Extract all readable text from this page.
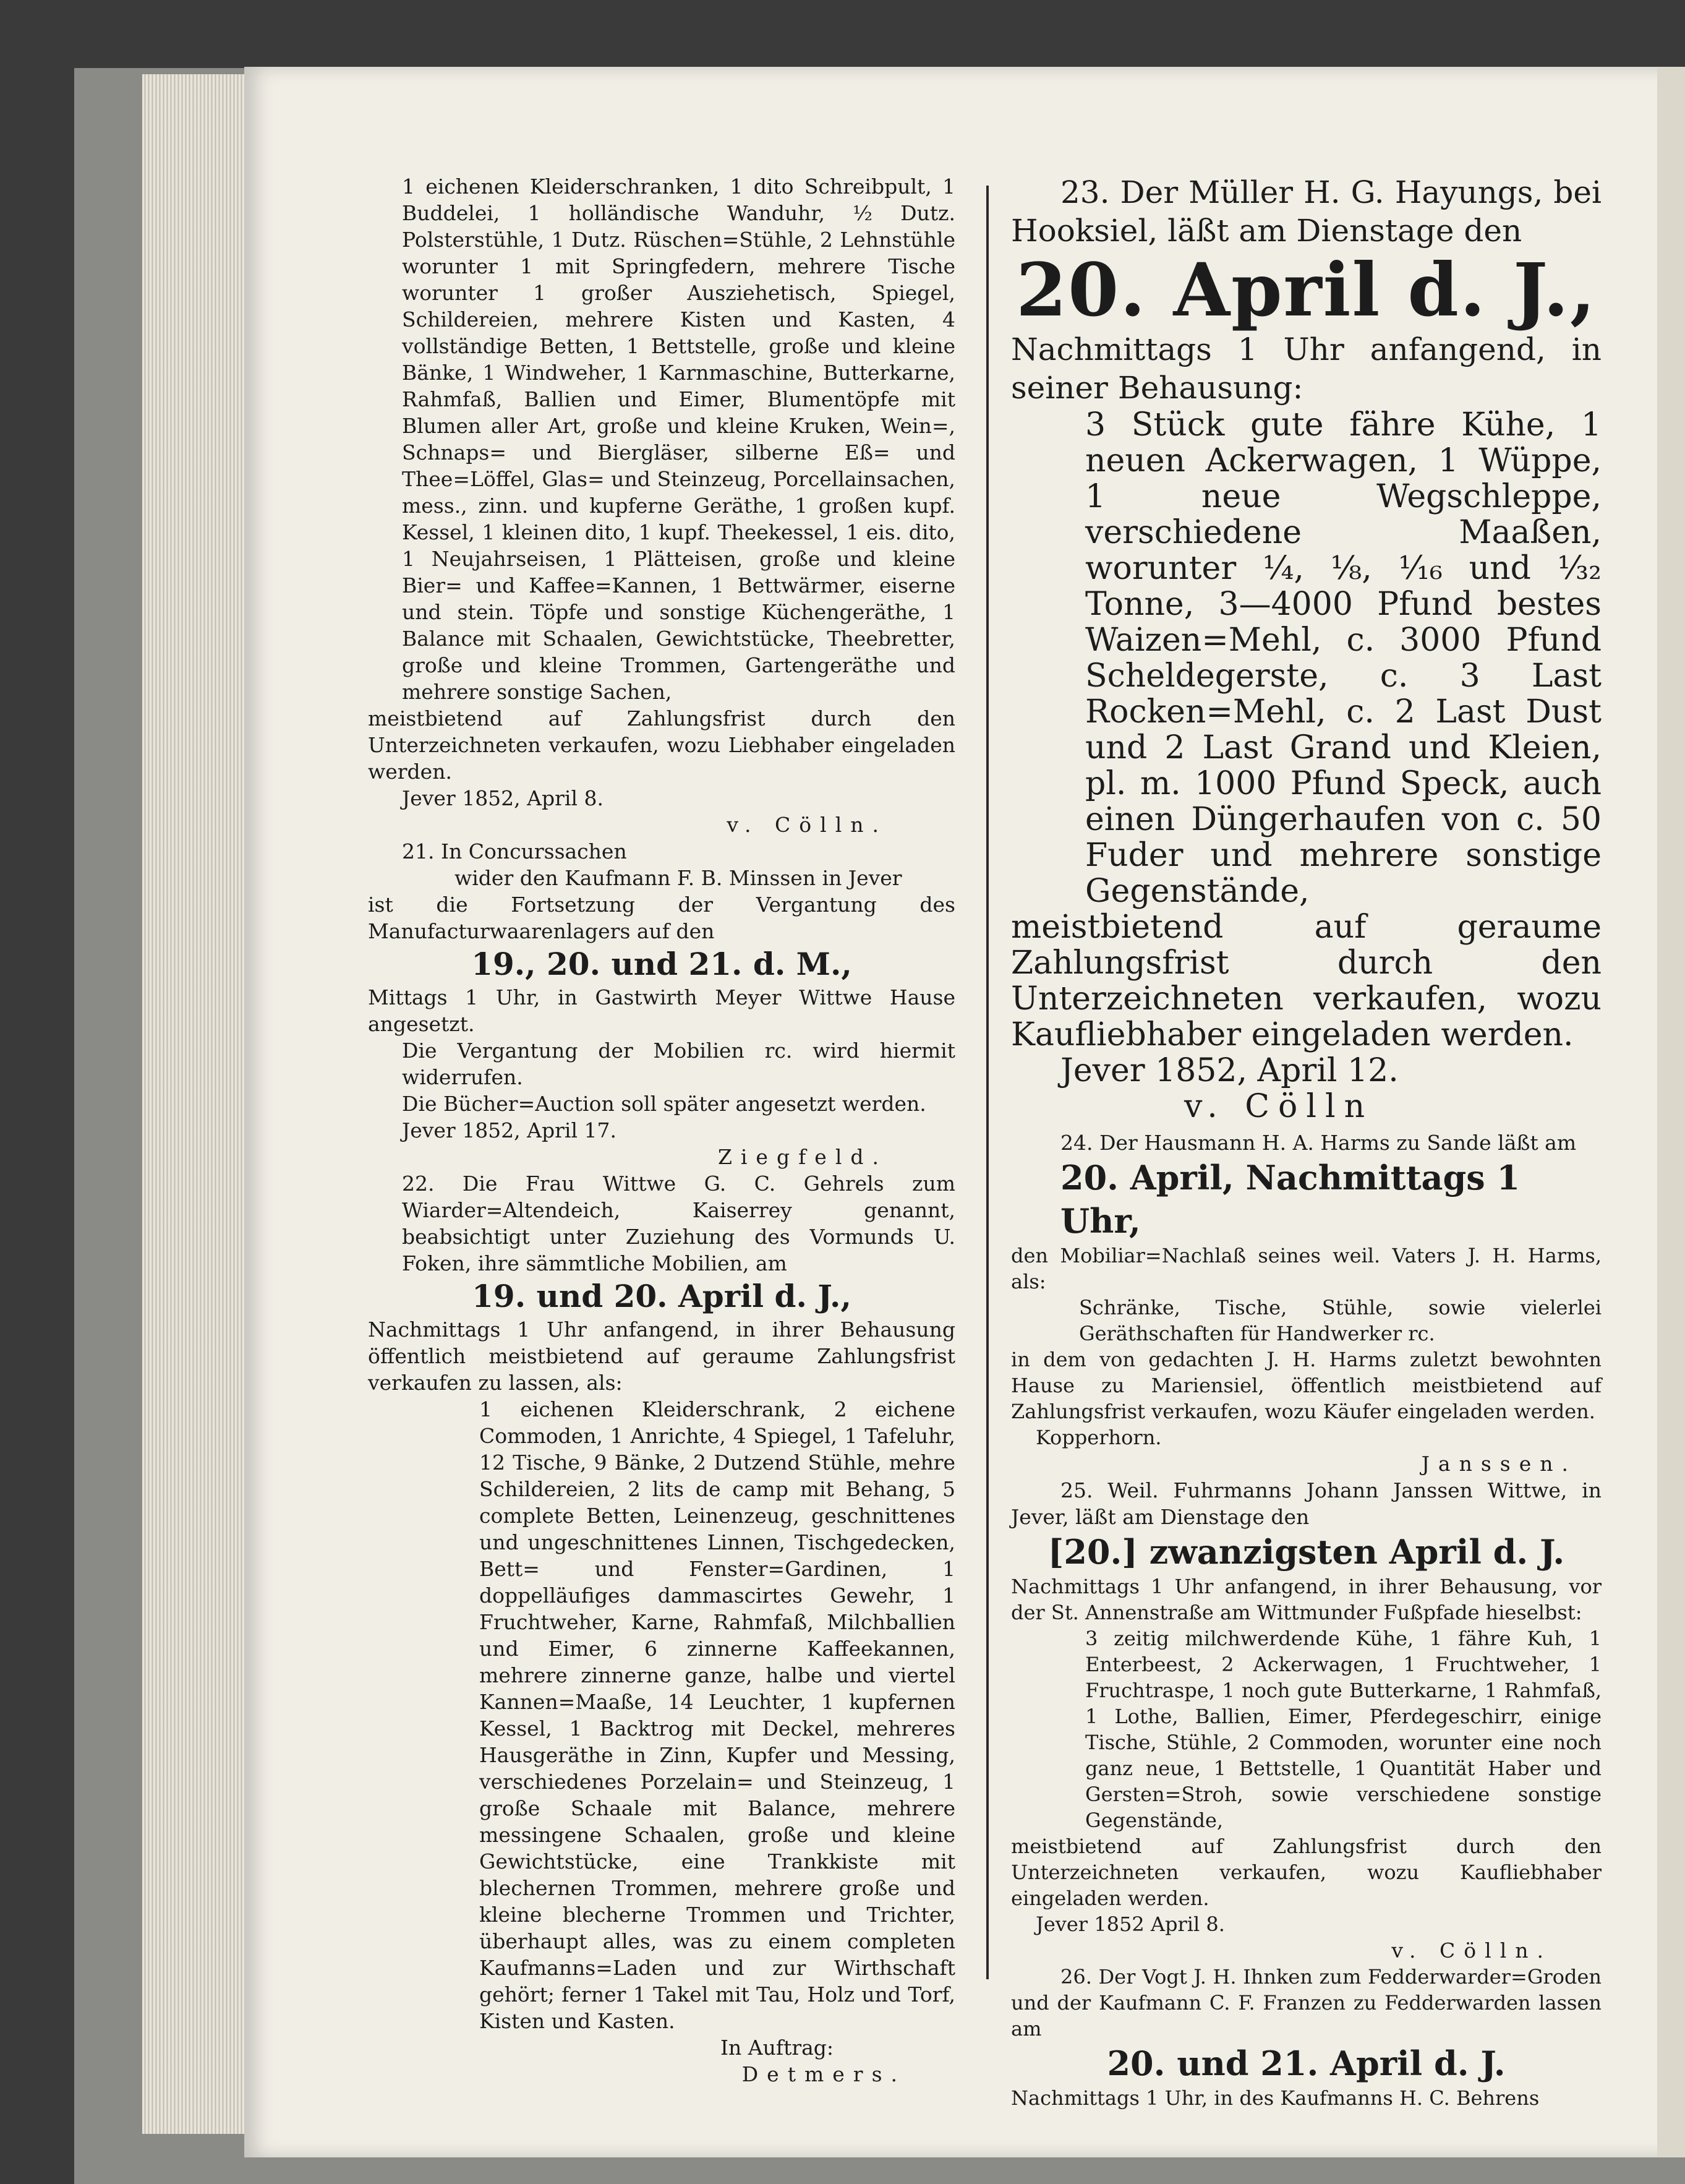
1 eichenen Kleiderschranken, 1 dito Schreibpult, 1 Buddelei, 1 holländische Wanduhr, ½ Dutz. Polsterstühle, 1 Dutz. Rüschen=Stühle, 2 Lehnstühle worunter 1 mit Springfedern, mehrere Tische worunter 1 großer Ausziehetisch, Spiegel, Schildereien, mehrere Kisten und Kasten, 4 vollständige Betten, 1 Bettstelle, große und kleine Bänke, 1 Windweher, 1 Karnmaschine, Butterkarne, Rahmfaß, Ballien und Eimer, Blumentöpfe mit Blumen aller Art, große und kleine Kruken, Wein=, Schnaps= und Biergläser, silberne Eß= und Thee=Löffel, Glas= und Steinzeug, Porcellainsachen, mess., zinn. und kupferne Geräthe, 1 großen kupf. Kessel, 1 kleinen dito, 1 kupf. Theekessel, 1 eis. dito, 1 Neujahrseisen, 1 Plätteisen, große und kleine Bier= und Kaffee=Kannen, 1 Bettwärmer, eiserne und stein. Töpfe und sonstige Küchengeräthe, 1 Balance mit Schaalen, Gewichtstücke, Theebretter, große und kleine Trommen, Gartengeräthe und mehrere sonstige Sachen,

meistbietend auf Zahlungsfrist durch den Unterzeichneten verkaufen, wozu Liebhaber eingeladen werden.

Jever 1852, April 8.

v. Cölln.

21. In Concurssachen

wider den Kaufmann F. B. Minssen in Jever

ist die Fortsetzung der Vergantung des Manufacturwaarenlagers auf den

19., 20. und 21. d. M.,

Mittags 1 Uhr, in Gastwirth Meyer Wittwe Hause angesetzt.

Die Vergantung der Mobilien rc. wird hiermit widerrufen.

Die Bücher=Auction soll später angesetzt werden.

Jever 1852, April 17.

Ziegfeld.

22. Die Frau Wittwe G. C. Gehrels zum Wiarder=Altendeich, Kaiserrey genannt, beabsichtigt unter Zuziehung des Vormunds U. Foken, ihre sämmtliche Mobilien, am

19. und 20. April d. J.,

Nachmittags 1 Uhr anfangend, in ihrer Behausung öffentlich meistbietend auf geraume Zahlungsfrist verkaufen zu lassen, als:

1 eichenen Kleiderschrank, 2 eichene Commoden, 1 Anrichte, 4 Spiegel, 1 Tafeluhr, 12 Tische, 9 Bänke, 2 Dutzend Stühle, mehre Schildereien, 2 lits de camp mit Behang, 5 complete Betten, Leinenzeug, geschnittenes und ungeschnittenes Linnen, Tischgedecken, Bett= und Fenster=Gardinen, 1 doppelläufiges dammascirtes Gewehr, 1 Fruchtweher, Karne, Rahmfaß, Milchballien und Eimer, 6 zinnerne Kaffeekannen, mehrere zinnerne ganze, halbe und viertel Kannen=Maaße, 14 Leuchter, 1 kupfernen Kessel, 1 Backtrog mit Deckel, mehreres Hausgeräthe in Zinn, Kupfer und Messing, verschiedenes Porzelain= und Steinzeug, 1 große Schaale mit Balance, mehrere messingene Schaalen, große und kleine Gewichtstücke, eine Trankkiste mit blechernen Trommen, mehrere große und kleine blecherne Trommen und Trichter, überhaupt alles, was zu einem completen Kaufmanns=Laden und zur Wirthschaft gehört; ferner 1 Takel mit Tau, Holz und Torf, Kisten und Kasten.

In Auftrag:

Detmers.

23. Der Müller H. G. Hayungs, bei Hooksiel, läßt am Dienstage den

20. April d. J.,

Nachmittags 1 Uhr anfangend, in seiner Behausung:

3 Stück gute fähre Kühe, 1 neuen Ackerwagen, 1 Wüppe, 1 neue Wegschleppe, verschiedene Maaßen, worunter ¼, ⅛, ¹⁄₁₆ und ¹⁄₃₂ Tonne, 3—4000 Pfund bestes Waizen=Mehl, c. 3000 Pfund Scheldegerste, c. 3 Last Rocken=Mehl, c. 2 Last Dust und 2 Last Grand und Kleien, pl. m. 1000 Pfund Speck, auch einen Düngerhaufen von c. 50 Fuder und mehrere sonstige Gegenstände,

meistbietend auf geraume Zahlungsfrist durch den Unterzeichneten verkaufen, wozu Kaufliebhaber eingeladen werden.

Jever 1852, April 12.

v. Cölln

24. Der Hausmann H. A. Harms zu Sande läßt am

20. April, Nachmittags 1 Uhr,

den Mobiliar=Nachlaß seines weil. Vaters J. H. Harms, als:

Schränke, Tische, Stühle, sowie vielerlei Geräthschaften für Handwerker rc.

in dem von gedachten J. H. Harms zuletzt bewohnten Hause zu Mariensiel, öffentlich meistbietend auf Zahlungsfrist verkaufen, wozu Käufer eingeladen werden.

Kopperhorn.

Janssen.

25. Weil. Fuhrmanns Johann Janssen Wittwe, in Jever, läßt am Dienstage den

[20.] zwanzigsten April d. J.

Nachmittags 1 Uhr anfangend, in ihrer Behausung, vor der St. Annenstraße am Wittmunder Fußpfade hieselbst:

3 zeitig milchwerdende Kühe, 1 fähre Kuh, 1 Enterbeest, 2 Ackerwagen, 1 Fruchtweher, 1 Fruchtraspe, 1 noch gute Butterkarne, 1 Rahmfaß, 1 Lothe, Ballien, Eimer, Pferdegeschirr, einige Tische, Stühle, 2 Commoden, worunter eine noch ganz neue, 1 Bettstelle, 1 Quantität Haber und Gersten=Stroh, sowie verschiedene sonstige Gegenstände,

meistbietend auf Zahlungsfrist durch den Unterzeichneten verkaufen, wozu Kaufliebhaber eingeladen werden.

Jever 1852 April 8.

v. Cölln.

26. Der Vogt J. H. Ihnken zum Fedderwarder=Groden und der Kaufmann C. F. Franzen zu Fedderwarden lassen am

20. und 21. April d. J.

Nachmittags 1 Uhr, in des Kaufmanns H. C. Behrens
